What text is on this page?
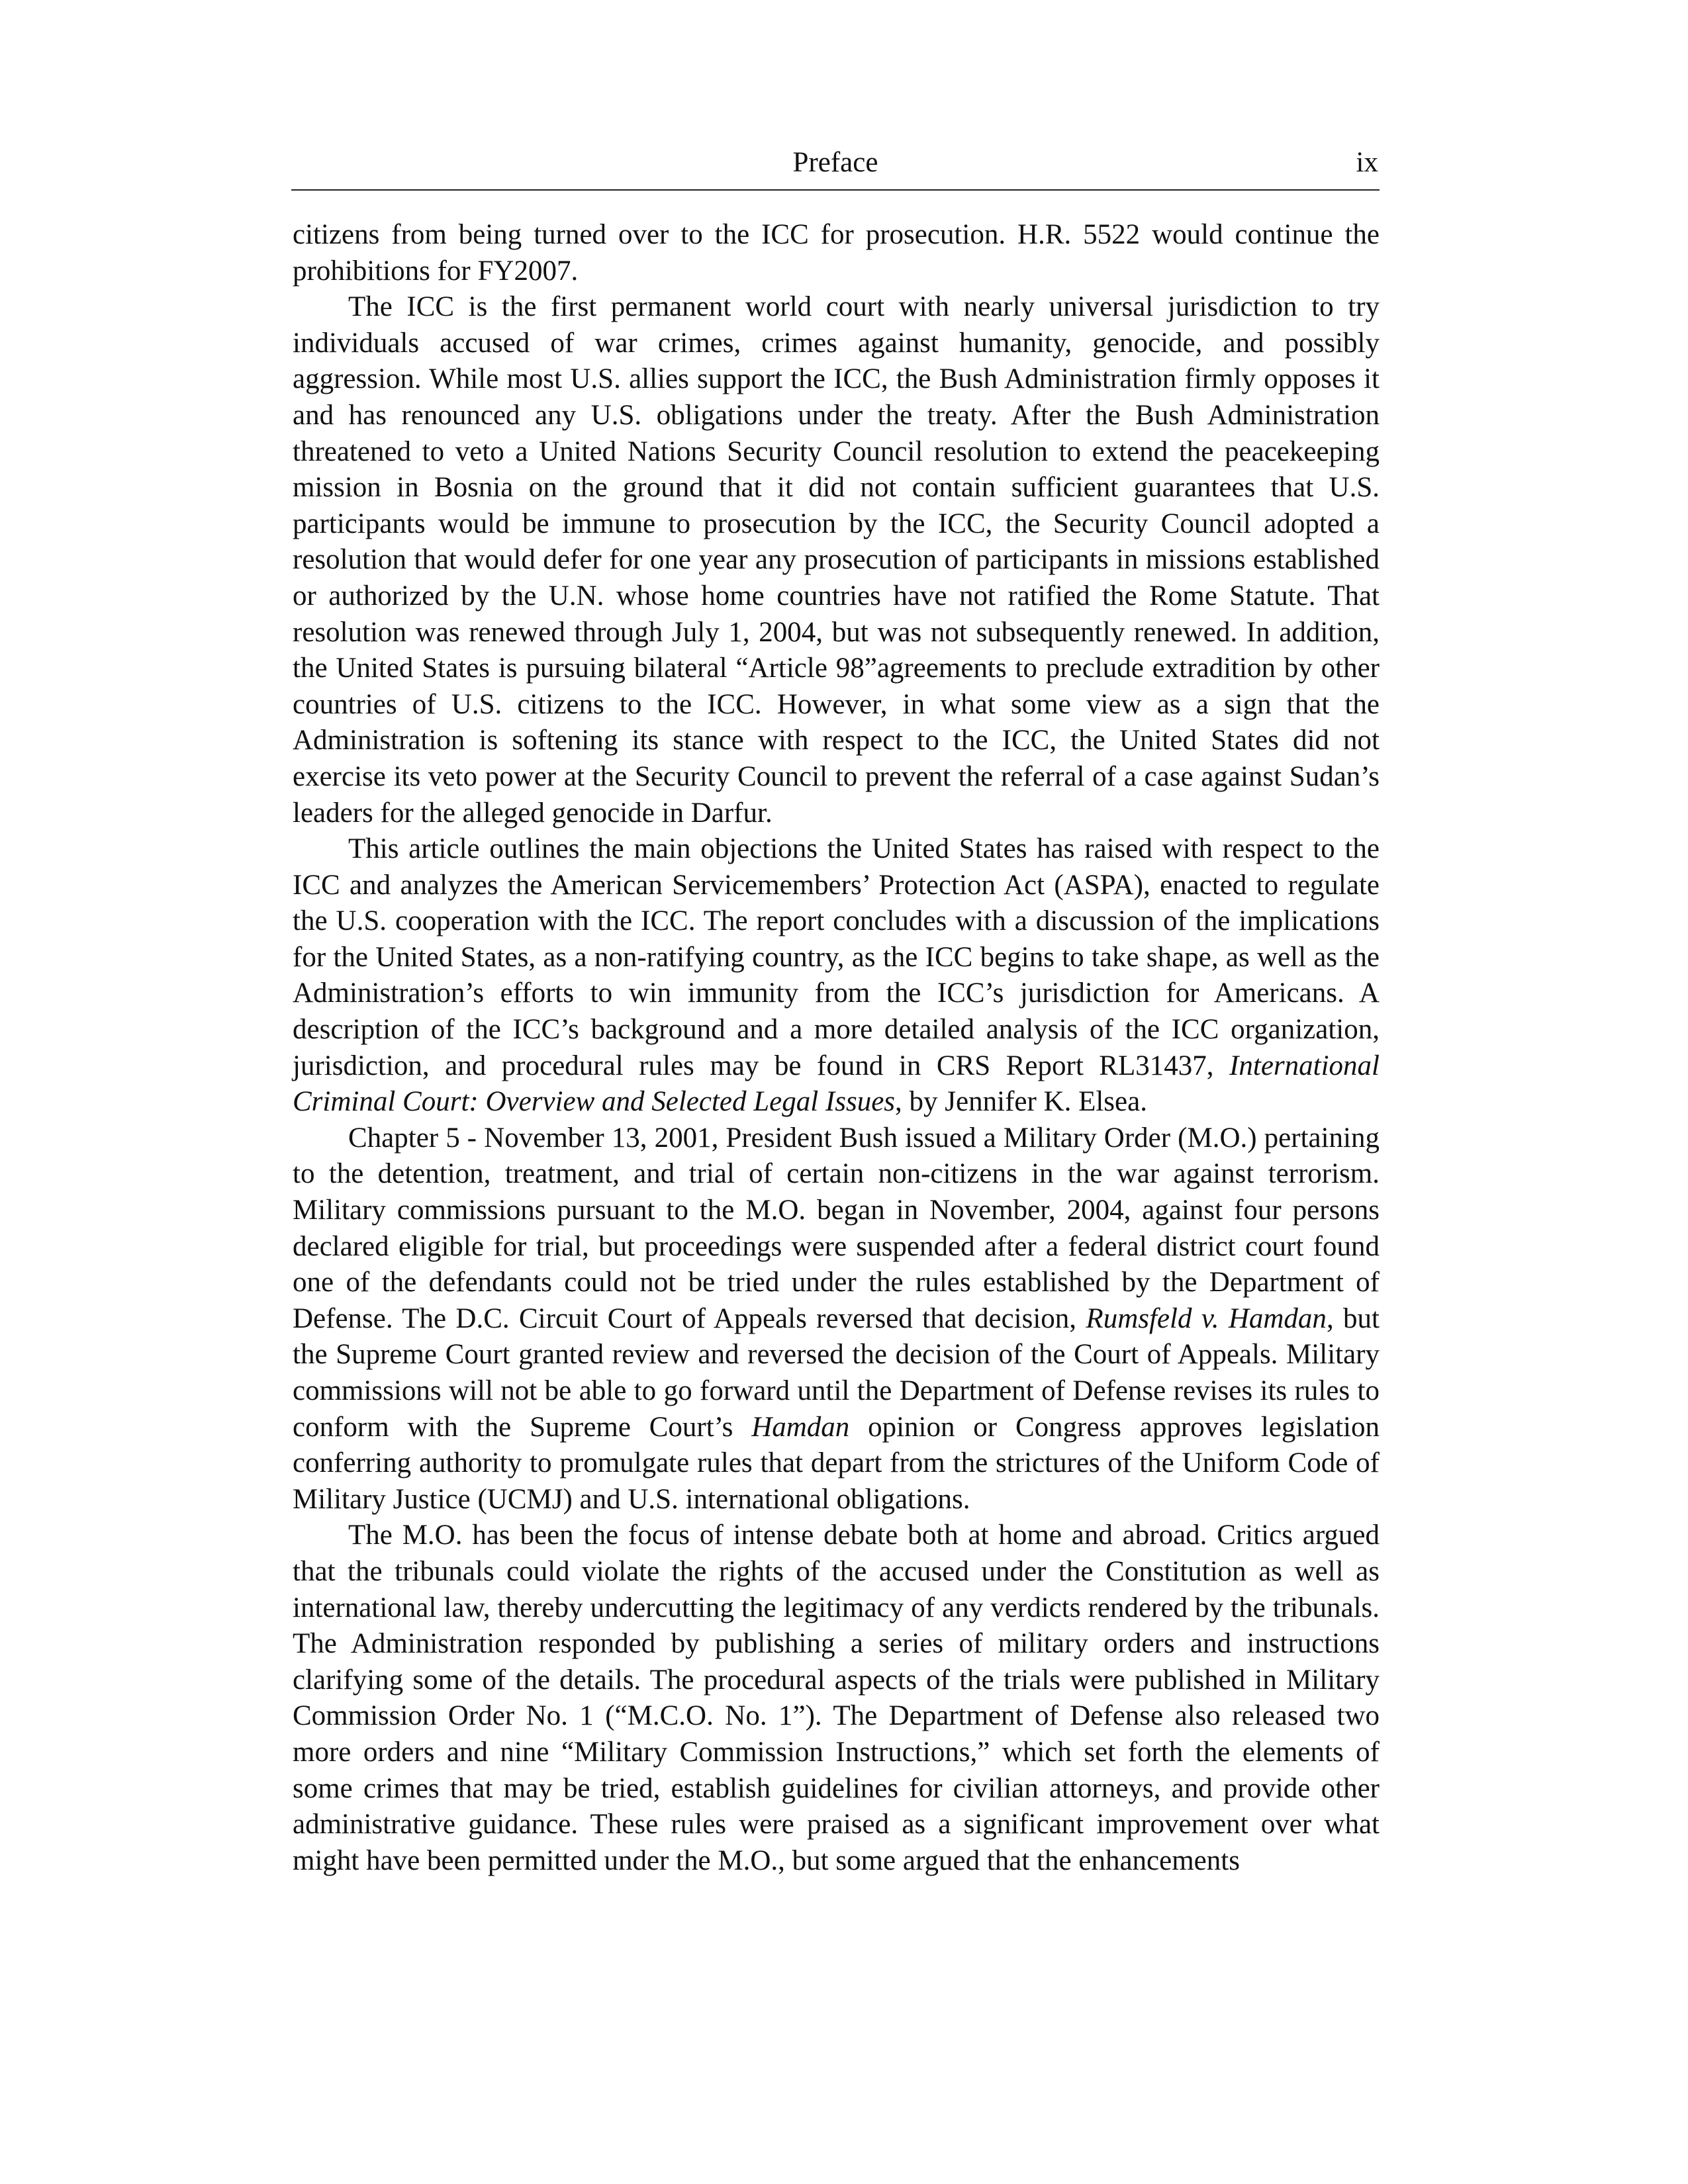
Preface	ix

citizens from being turned over to the ICC for prosecution. H.R. 5522 would continue the prohibitions for FY2007.

The ICC is the first permanent world court with nearly universal jurisdiction to try individuals accused of war crimes, crimes against humanity, genocide, and possibly aggression. While most U.S. allies support the ICC, the Bush Administration firmly opposes it and has renounced any U.S. obligations under the treaty. After the Bush Administration threatened to veto a United Nations Security Council resolution to extend the peacekeeping mission in Bosnia on the ground that it did not contain sufficient guarantees that U.S. participants would be immune to prosecution by the ICC, the Security Council adopted a resolution that would defer for one year any prosecution of participants in missions established or authorized by the U.N. whose home countries have not ratified the Rome Statute. That resolution was renewed through July 1, 2004, but was not subsequently renewed. In addition, the United States is pursuing bilateral “Article 98”agreements to preclude extradition by other countries of U.S. citizens to the ICC. However, in what some view as a sign that the Administration is softening its stance with respect to the ICC, the United States did not exercise its veto power at the Security Council to prevent the referral of a case against Sudan’s leaders for the alleged genocide in Darfur.

This article outlines the main objections the United States has raised with respect to the ICC and analyzes the American Servicemembers’ Protection Act (ASPA), enacted to regulate the U.S. cooperation with the ICC. The report concludes with a discussion of the implications for the United States, as a non-ratifying country, as the ICC begins to take shape, as well as the Administration’s efforts to win immunity from the ICC’s jurisdiction for Americans. A description of the ICC’s background and a more detailed analysis of the ICC organization, jurisdiction, and procedural rules may be found in CRS Report RL31437, International Criminal Court: Overview and Selected Legal Issues, by Jennifer K. Elsea.

Chapter 5 - November 13, 2001, President Bush issued a Military Order (M.O.) pertaining to the detention, treatment, and trial of certain non-citizens in the war against terrorism. Military commissions pursuant to the M.O. began in November, 2004, against four persons declared eligible for trial, but proceedings were suspended after a federal district court found one of the defendants could not be tried under the rules established by the Department of Defense. The D.C. Circuit Court of Appeals reversed that decision, Rumsfeld v. Hamdan, but the Supreme Court granted review and reversed the decision of the Court of Appeals. Military commissions will not be able to go forward until the Department of Defense revises its rules to conform with the Supreme Court’s Hamdan opinion or Congress approves legislation conferring authority to promulgate rules that depart from the strictures of the Uniform Code of Military Justice (UCMJ) and U.S. international obligations.

The M.O. has been the focus of intense debate both at home and abroad. Critics argued that the tribunals could violate the rights of the accused under the Constitution as well as international law, thereby undercutting the legitimacy of any verdicts rendered by the tribunals. The Administration responded by publishing a series of military orders and instructions clarifying some of the details. The procedural aspects of the trials were published in Military Commission Order No. 1 (“M.C.O. No. 1”). The Department of Defense also released two more orders and nine “Military Commission Instructions,” which set forth the elements of some crimes that may be tried, establish guidelines for civilian attorneys, and provide other administrative guidance. These rules were praised as a significant improvement over what might have been permitted under the M.O., but some argued that the enhancements
